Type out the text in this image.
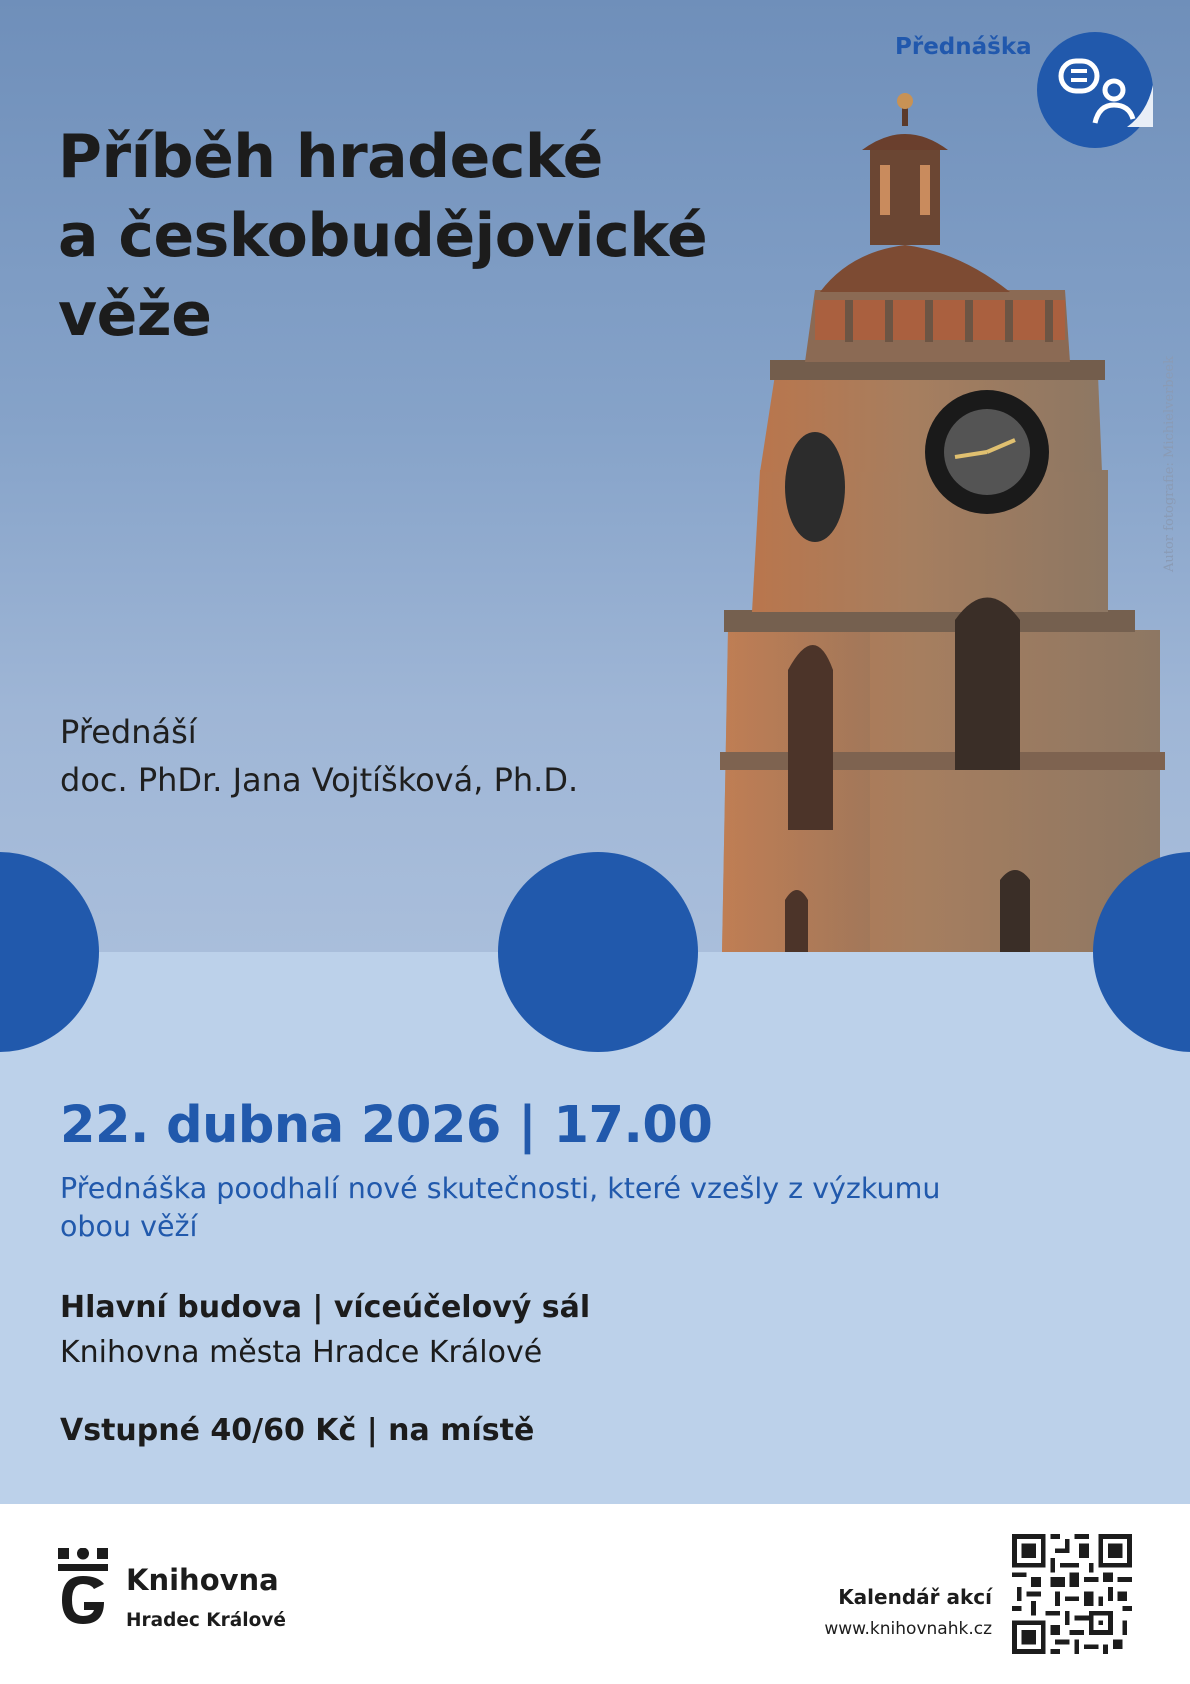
Příběh hradecké
a českobudějovické
věže
Přednáší
doc. PhDr. Jana Vojtíšková, Ph.D.
Autor fotografie: Michielverbeek
Přednáška
22. dubna 2026 | 17.00
Přednáška poodhalí nové skutečnosti, které vzešly z výzkumu
obou věží
Hlavní budova | víceúčelový sál
Knihovna města Hradce Králové
Vstupné 40/60 Kč | na místě
Knihovna
Hradec Králové
Kalendář akcí
www.knihovnahk.cz
